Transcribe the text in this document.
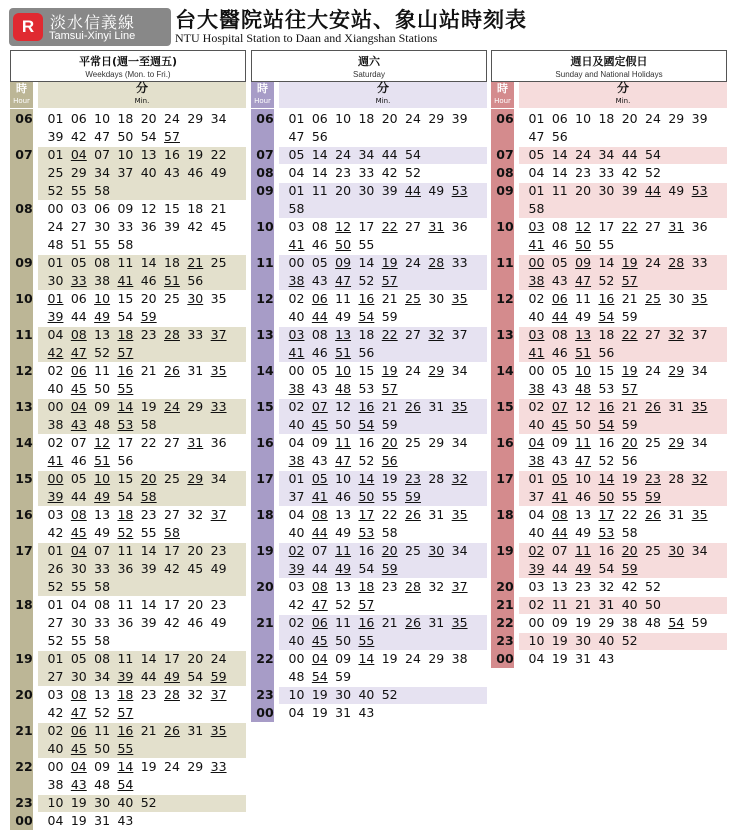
R 淡水信義線
Tamsui-Xinyi Line
台大醫院站往大安站、象山站時刻表
NTU Hospital Station to Daan and Xiangshan Stations
平常日(週一至週五)
Weekdays (Mon. to Fri.)
時
Hour
分
Min.
06	01 06 10 18 20 24 29 34
39 42 47 50 54 57
07	01 04 07 10 13 16 19 22
25 29 34 37 40 43 46 49
52 55 58
08	00 03 06 09 12 15 18 21
24 27 30 33 36 39 42 45
48 51 55 58
09	01 05 08 11 14 18 21 25
30 33 38 41 46 51 56
10	01 06 10 15 20 25 30 35
39 44 49 54 59
11	04 08 13 18 23 28 33 37
42 47 52 57
12	02 06 11 16 21 26 31 35
40 45 50 55
13	00 04 09 14 19 24 29 33
38 43 48 53 58
14	02 07 12 17 22 27 31 36
41 46 51 56
15	00 05 10 15 20 25 29 34
39 44 49 54 58
16	03 08 13 18 23 27 32 37
42 45 49 52 55 58
17	01 04 07 11 14 17 20 23
26 30 33 36 39 42 45 49
52 55 58
18	01 04 08 11 14 17 20 23
27 30 33 36 39 42 46 49
52 55 58
19	01 05 08 11 14 17 20 24
27 30 34 39 44 49 54 59
20	03 08 13 18 23 28 32 37
42 47 52 57
21	02 06 11 16 21 26 31 35
40 45 50 55
22	00 04 09 14 19 24 29 33
38 43 48 54
23	10 19 30 40 52
00	04 19 31 43
週六
Saturday
時
Hour
分
Min.
06	01 06 10 18 20 24 29 39
47 56
07	05 14 24 34 44 54
08	04 14 23 33 42 52
09	01 11 20 30 39 44 49 53
58
10	03 08 12 17 22 27 31 36
41 46 50 55
11	00 05 09 14 19 24 28 33
38 43 47 52 57
12	02 06 11 16 21 25 30 35
40 44 49 54 59
13	03 08 13 18 22 27 32 37
41 46 51 56
14	00 05 10 15 19 24 29 34
38 43 48 53 57
15	02 07 12 16 21 26 31 35
40 45 50 54 59
16	04 09 11 16 20 25 29 34
38 43 47 52 56
17	01 05 10 14 19 23 28 32
37 41 46 50 55 59
18	04 08 13 17 22 26 31 35
40 44 49 53 58
19	02 07 11 16 20 25 30 34
39 44 49 54 59
20	03 08 13 18 23 28 32 37
42 47 52 57
21	02 06 11 16 21 26 31 35
40 45 50 55
22	00 04 09 14 19 24 29 38
48 54 59
23	10 19 30 40 52
00	04 19 31 43
週日及國定假日
Sunday and National Holidays
時
Hour
分
Min.
06	01 06 10 18 20 24 29 39
47 56
07	05 14 24 34 44 54
08	04 14 23 33 42 52
09	01 11 20 30 39 44 49 53
58
10	03 08 12 17 22 27 31 36
41 46 50 55
11	00 05 09 14 19 24 28 33
38 43 47 52 57
12	02 06 11 16 21 25 30 35
40 44 49 54 59
13	03 08 13 18 22 27 32 37
41 46 51 56
14	00 05 10 15 19 24 29 34
38 43 48 53 57
15	02 07 12 16 21 26 31 35
40 45 50 54 59
16	04 09 11 16 20 25 29 34
38 43 47 52 56
17	01 05 10 14 19 23 28 32
37 41 46 50 55 59
18	04 08 13 17 22 26 31 35
40 44 49 53 58
19	02 07 11 16 20 25 30 34
39 44 49 54 59
20	03 13 23 32 42 52
21	02 11 21 31 40 50
22	00 09 19 29 38 48 54 59
23	10 19 30 40 52
00	04 19 31 43
